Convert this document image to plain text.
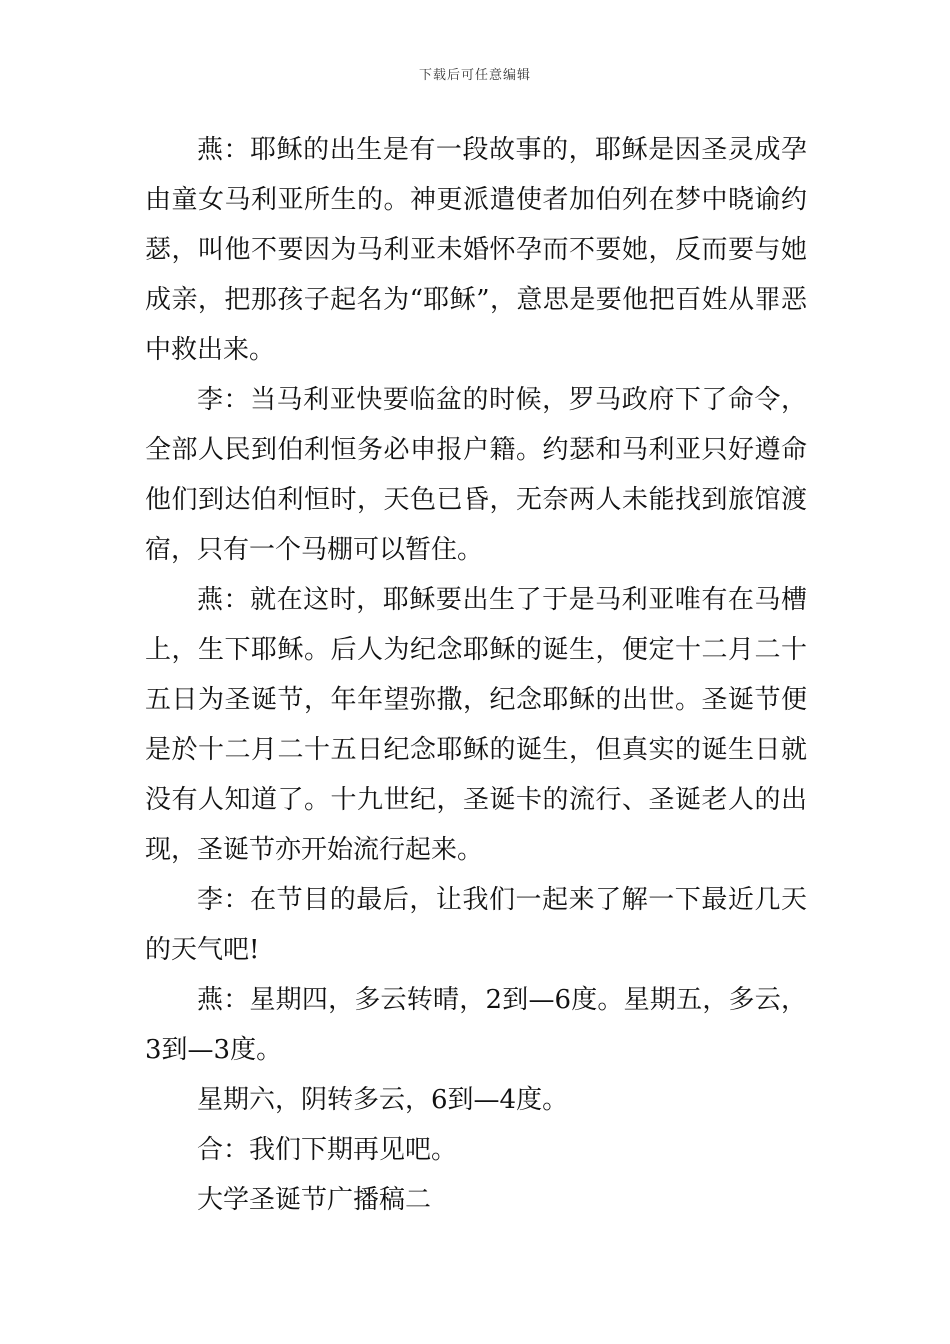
下载后可任意编辑

燕：耶稣的出生是有一段故事的，耶稣是因圣灵成孕由童女马利亚所生的。神更派遣使者加伯列在梦中晓谕约瑟，叫他不要因为马利亚未婚怀孕而不要她，反而要与她成亲，把那孩子起名为“耶稣”，意思是要他把百姓从罪恶中救出来。

李：当马利亚快要临盆的时候，罗马政府下了命令，全部人民到伯利恒务必申报户籍。约瑟和马利亚只好遵命他们到达伯利恒时，天色已昏，无奈两人未能找到旅馆渡宿，只有一个马棚可以暂住。

燕：就在这时，耶稣要出生了于是马利亚唯有在马槽上，生下耶稣。后人为纪念耶稣的诞生，便定十二月二十五日为圣诞节，年年望弥撒，纪念耶稣的出世。圣诞节便是於十二月二十五日纪念耶稣的诞生，但真实的诞生日就没有人知道了。十九世纪，圣诞卡的流行、圣诞老人的出现，圣诞节亦开始流行起来。

李：在节目的最后，让我们一起来了解一下最近几天的天气吧!

燕：星期四，多云转晴，2到—6度。星期五，多云，3到—3度。

星期六，阴转多云，6到—4度。

合：我们下期再见吧。

大学圣诞节广播稿二
